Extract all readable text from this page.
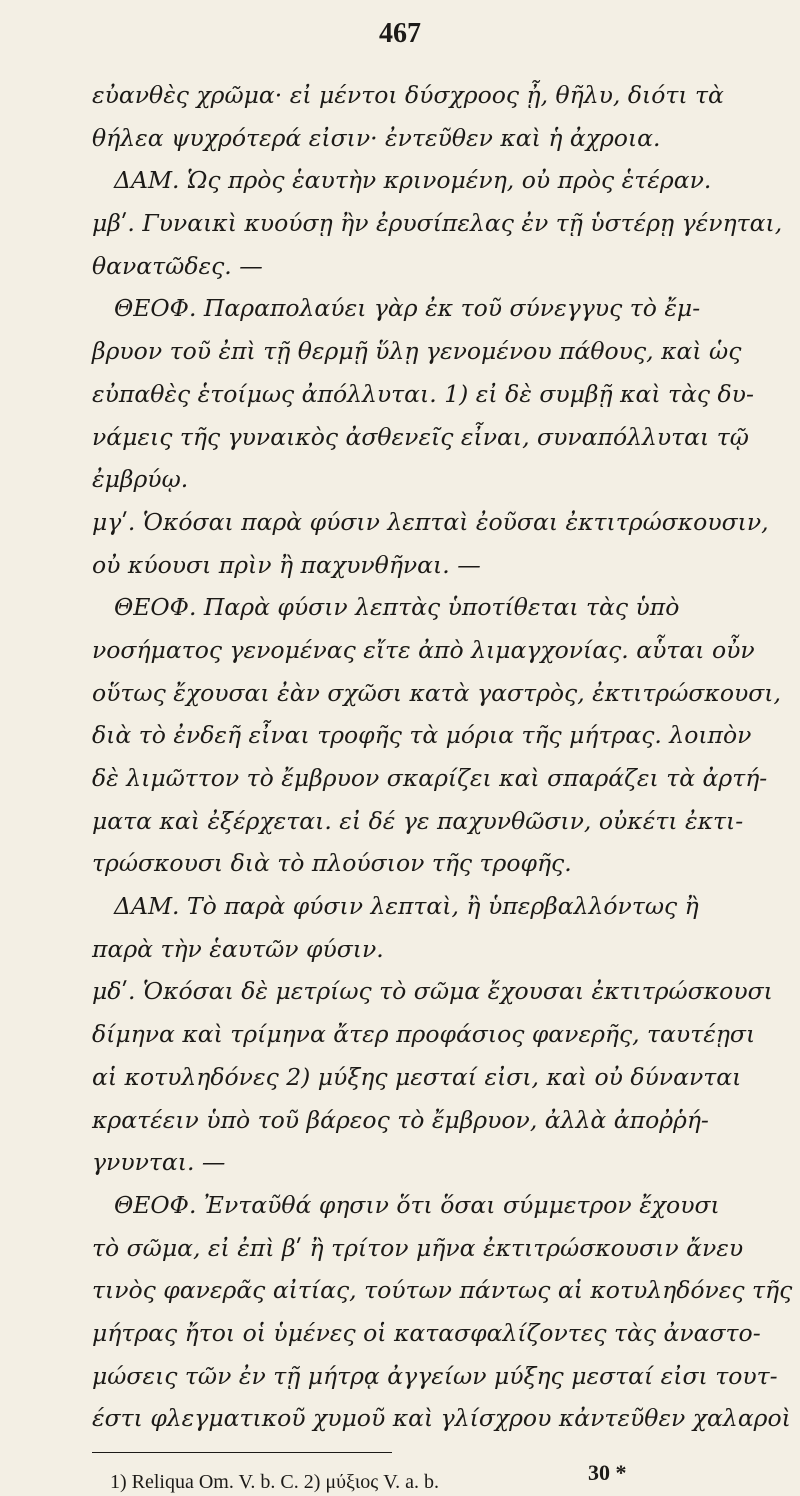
467
εὐανθὲς χρῶμα· εἰ μέντοι δύσχροος ᾖ, θῆλυ, διότι τὰ
θήλεα ψυχρότερά εἰσιν· ἐντεῦθεν καὶ ἡ ἀχροια.
ΔΑΜ. Ὡς πρὸς ἑαυτὴν κρινομένη, οὐ πρὸς ἑτέραν.
μβʹ. Γυναικὶ κυούσῃ ἢν ἐρυσίπελας ἐν τῇ ὑστέρῃ γένηται,
θανατῶδες. —
ΘΕΟΦ. Παραπολαύει γὰρ ἐκ τοῦ σύνεγγυς τὸ ἔμ-
βρυον τοῦ ἐπὶ τῇ θερμῇ ὕλῃ γενομένου πάθους, καὶ ὡς
εὐπαθὲς ἑτοίμως ἀπόλλυται. 1) εἰ δὲ συμβῇ καὶ τὰς δυ-
νάμεις τῆς γυναικὸς ἀσθενεῖς εἶναι, συναπόλλυται τῷ
ἐμβρύῳ.
μγʹ. Ὁκόσαι παρὰ φύσιν λεπταὶ ἐοῦσαι ἐκτιτρώσκουσιν,
οὐ κύουσι πρὶν ἢ παχυνθῆναι. —
ΘΕΟΦ. Παρὰ φύσιν λεπτὰς ὑποτίθεται τὰς ὑπὸ
νοσήματος γενομένας εἴτε ἀπὸ λιμαγχονίας. αὗται οὖν
οὕτως ἔχουσαι ἐὰν σχῶσι κατὰ γαστρὸς, ἐκτιτρώσκουσι,
διὰ τὸ ἐνδεῆ εἶναι τροφῆς τὰ μόρια τῆς μήτρας. λοιπὸν
δὲ λιμῶττον τὸ ἔμβρυον σκαρίζει καὶ σπαράζει τὰ ἀρτή-
ματα καὶ ἐξέρχεται. εἰ δέ γε παχυνθῶσιν, οὐκέτι ἐκτι-
τρώσκουσι διὰ τὸ πλούσιον τῆς τροφῆς.
ΔΑΜ. Τὸ παρὰ φύσιν λεπταὶ, ἢ ὑπερβαλλόντως ἢ
παρὰ τὴν ἑαυτῶν φύσιν.
μδʹ. Ὁκόσαι δὲ μετρίως τὸ σῶμα ἔχουσαι ἐκτιτρώσκουσι
δίμηνα καὶ τρίμηνα ἄτερ προφάσιος φανερῆς, ταυτέῃσι
αἱ κοτυληδόνες 2) μύξης μεσταί εἰσι, καὶ οὐ δύνανται
κρατέειν ὑπὸ τοῦ βάρεος τὸ ἔμβρυον, ἀλλὰ ἀποῤῥή-
γνυνται. —
ΘΕΟΦ. Ἐνταῦθά φησιν ὅτι ὅσαι σύμμετρον ἔχουσι
τὸ σῶμα, εἰ ἐπὶ βʹ ἢ τρίτον μῆνα ἐκτιτρώσκουσιν ἄνευ
τινὸς φανερᾶς αἰτίας, τούτων πάντως αἱ κοτυληδόνες τῆς
μήτρας ἤτοι οἱ ὑμένες οἱ κατασφαλίζοντες τὰς ἀναστο-
μώσεις τῶν ἐν τῇ μήτρᾳ ἀγγείων μύξης μεσταί εἰσι τουτ-
έστι φλεγματικοῦ χυμοῦ καὶ γλίσχρου κἀντεῦθεν χαλαροὶ
1) Reliqua Om. V. b. C. 2) μύξιος V. a. b.	30 *
